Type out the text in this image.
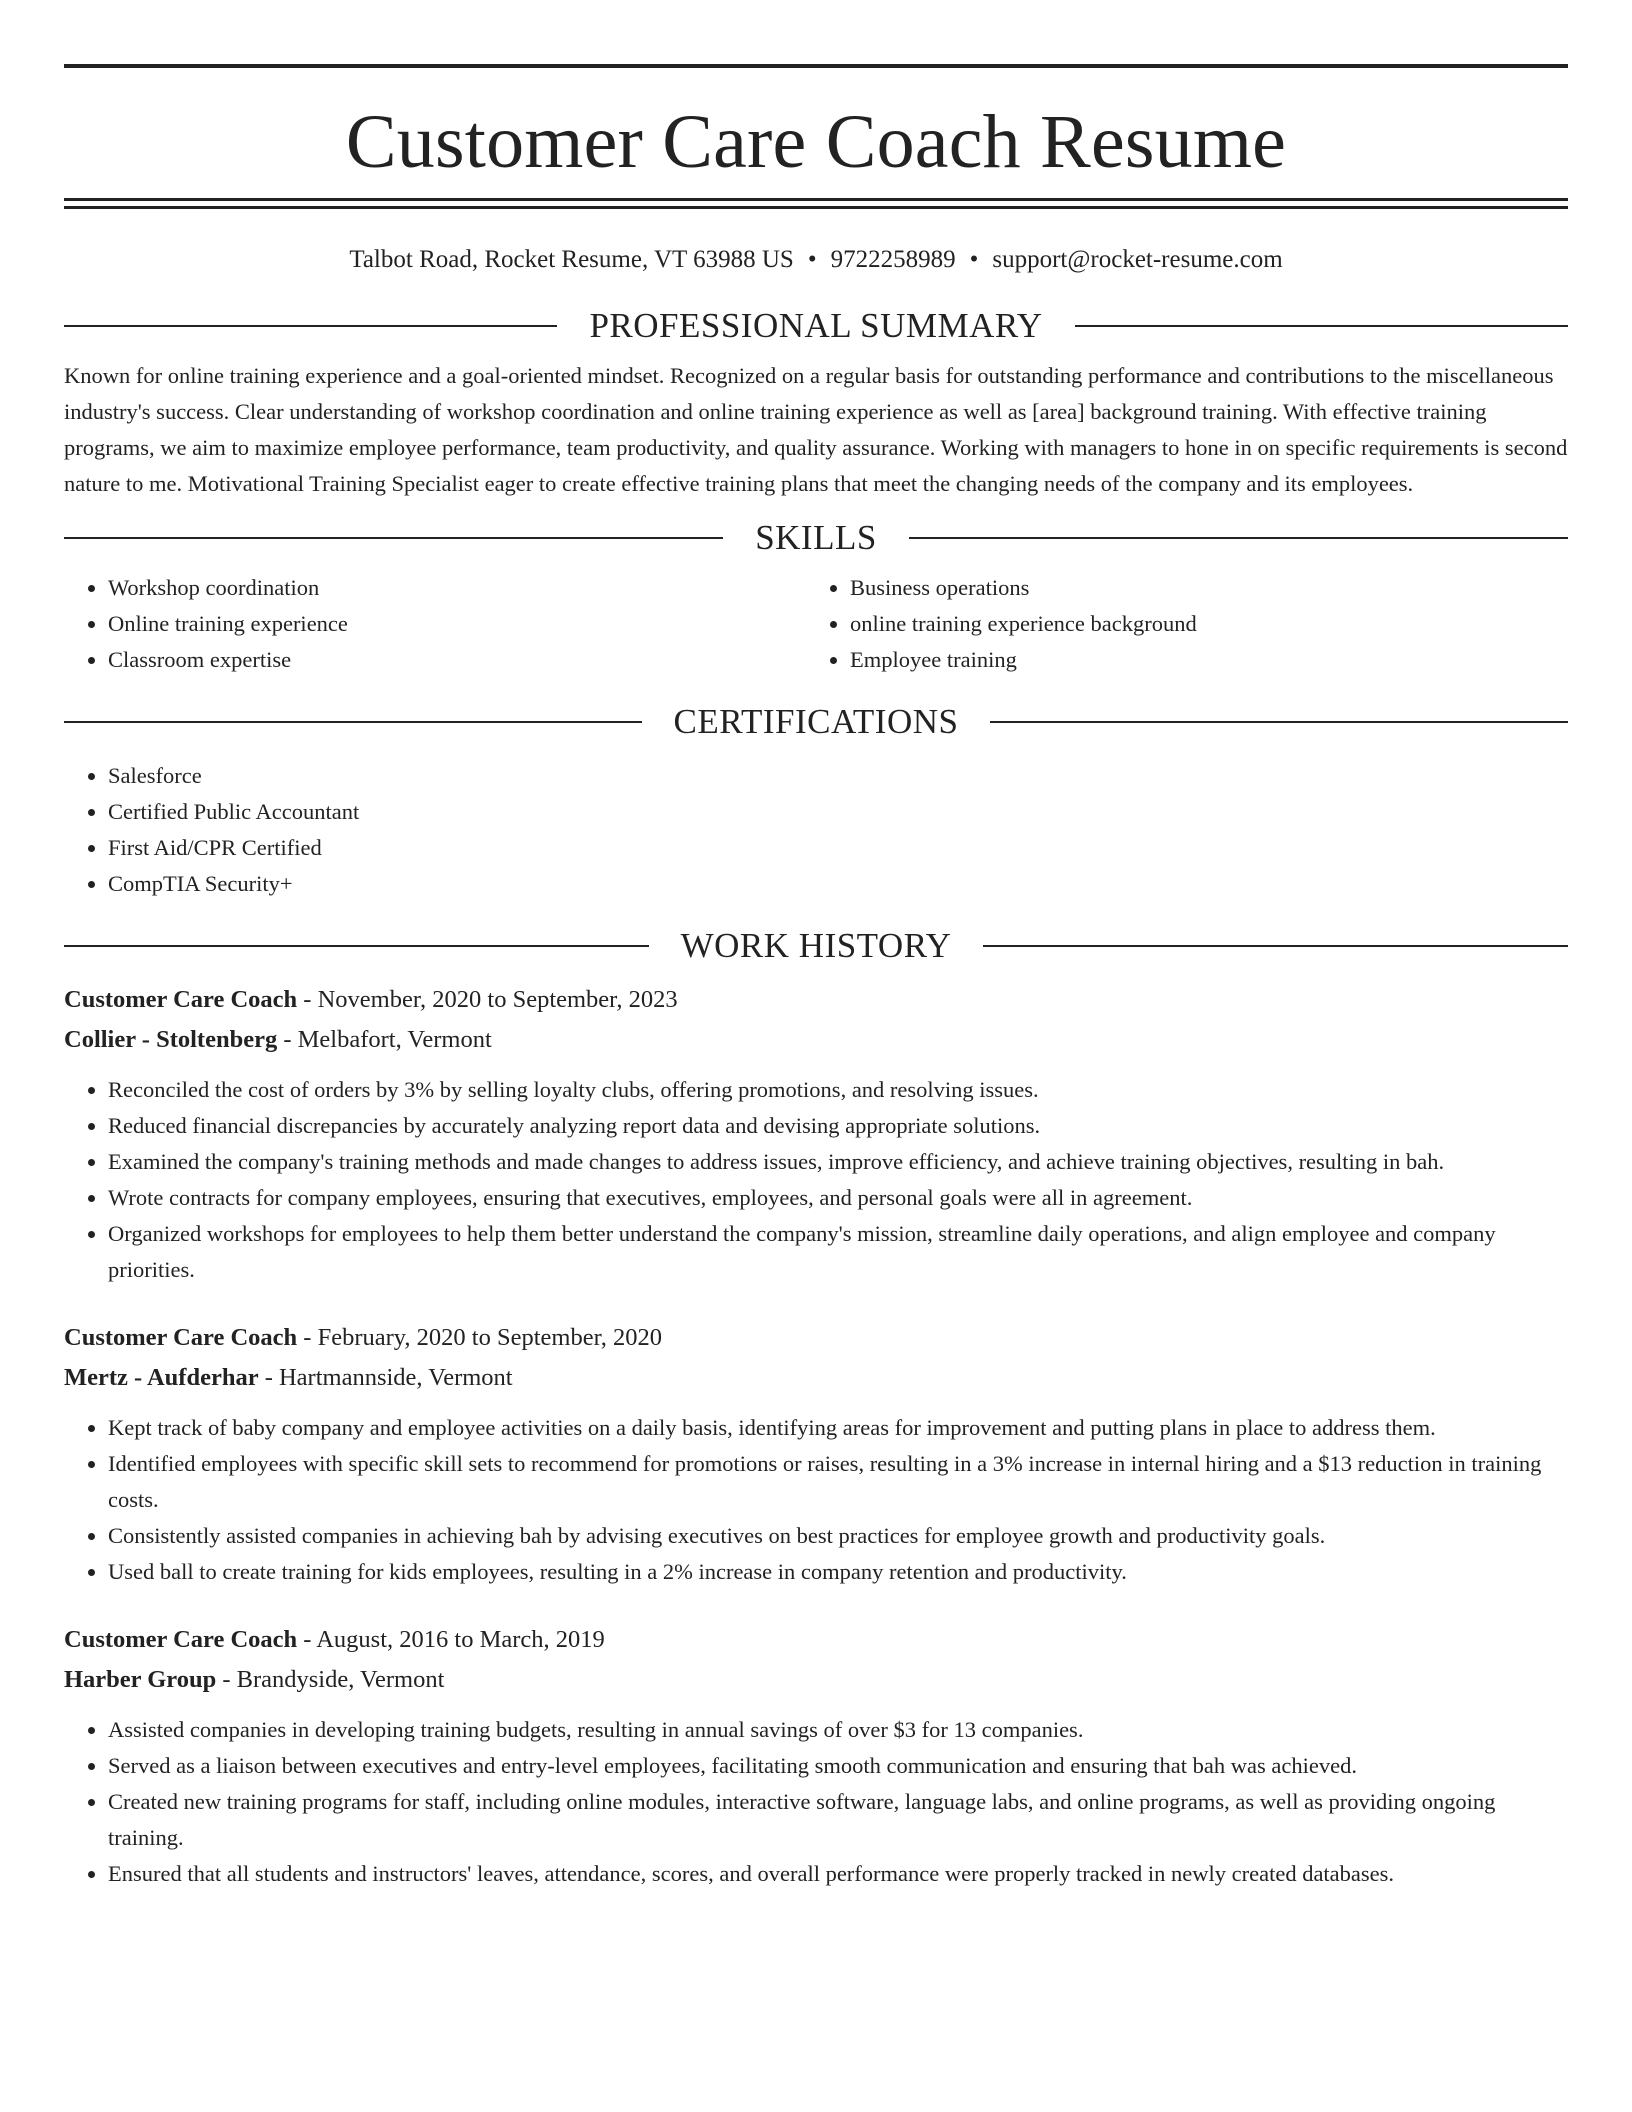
Customer Care Coach Resume
Talbot Road, Rocket Resume, VT 63988 US • 9722258989 • support@rocket-resume.com
PROFESSIONAL SUMMARY

Known for online training experience and a goal-oriented mindset. Recognized on a regular basis for outstanding performance and contributions to the miscellaneous industry's success. Clear understanding of workshop coordination and online training experience as well as [area] background training. With effective training programs, we aim to maximize employee performance, team productivity, and quality assurance. Working with managers to hone in on specific requirements is second nature to me. Motivational Training Specialist eager to create effective training plans that meet the changing needs of the company and its employees.

SKILLS
• Workshop coordination
• Online training experience
• Classroom expertise
• Business operations
• online training experience background
• Employee training
CERTIFICATIONS
• Salesforce
• Certified Public Accountant
• First Aid/CPR Certified
• CompTIA Security+
WORK HISTORY
Customer Care Coach - November, 2020 to September, 2023
Collier - Stoltenberg - Melbafort, Vermont
• Reconciled the cost of orders by 3% by selling loyalty clubs, offering promotions, and resolving issues.
• Reduced financial discrepancies by accurately analyzing report data and devising appropriate solutions.
• Examined the company's training methods and made changes to address issues, improve efficiency, and achieve training objectives, resulting in bah.
• Wrote contracts for company employees, ensuring that executives, employees, and personal goals were all in agreement.
• Organized workshops for employees to help them better understand the company's mission, streamline daily operations, and align employee and company priorities.
Customer Care Coach - February, 2020 to September, 2020
Mertz - Aufderhar - Hartmannside, Vermont
• Kept track of baby company and employee activities on a daily basis, identifying areas for improvement and putting plans in place to address them.
• Identified employees with specific skill sets to recommend for promotions or raises, resulting in a 3% increase in internal hiring and a $13 reduction in training costs.
• Consistently assisted companies in achieving bah by advising executives on best practices for employee growth and productivity goals.
• Used ball to create training for kids employees, resulting in a 2% increase in company retention and productivity.
Customer Care Coach - August, 2016 to March, 2019
Harber Group - Brandyside, Vermont
• Assisted companies in developing training budgets, resulting in annual savings of over $3 for 13 companies.
• Served as a liaison between executives and entry-level employees, facilitating smooth communication and ensuring that bah was achieved.
• Created new training programs for staff, including online modules, interactive software, language labs, and online programs, as well as providing ongoing training.
• Ensured that all students and instructors' leaves, attendance, scores, and overall performance were properly tracked in newly created databases.
